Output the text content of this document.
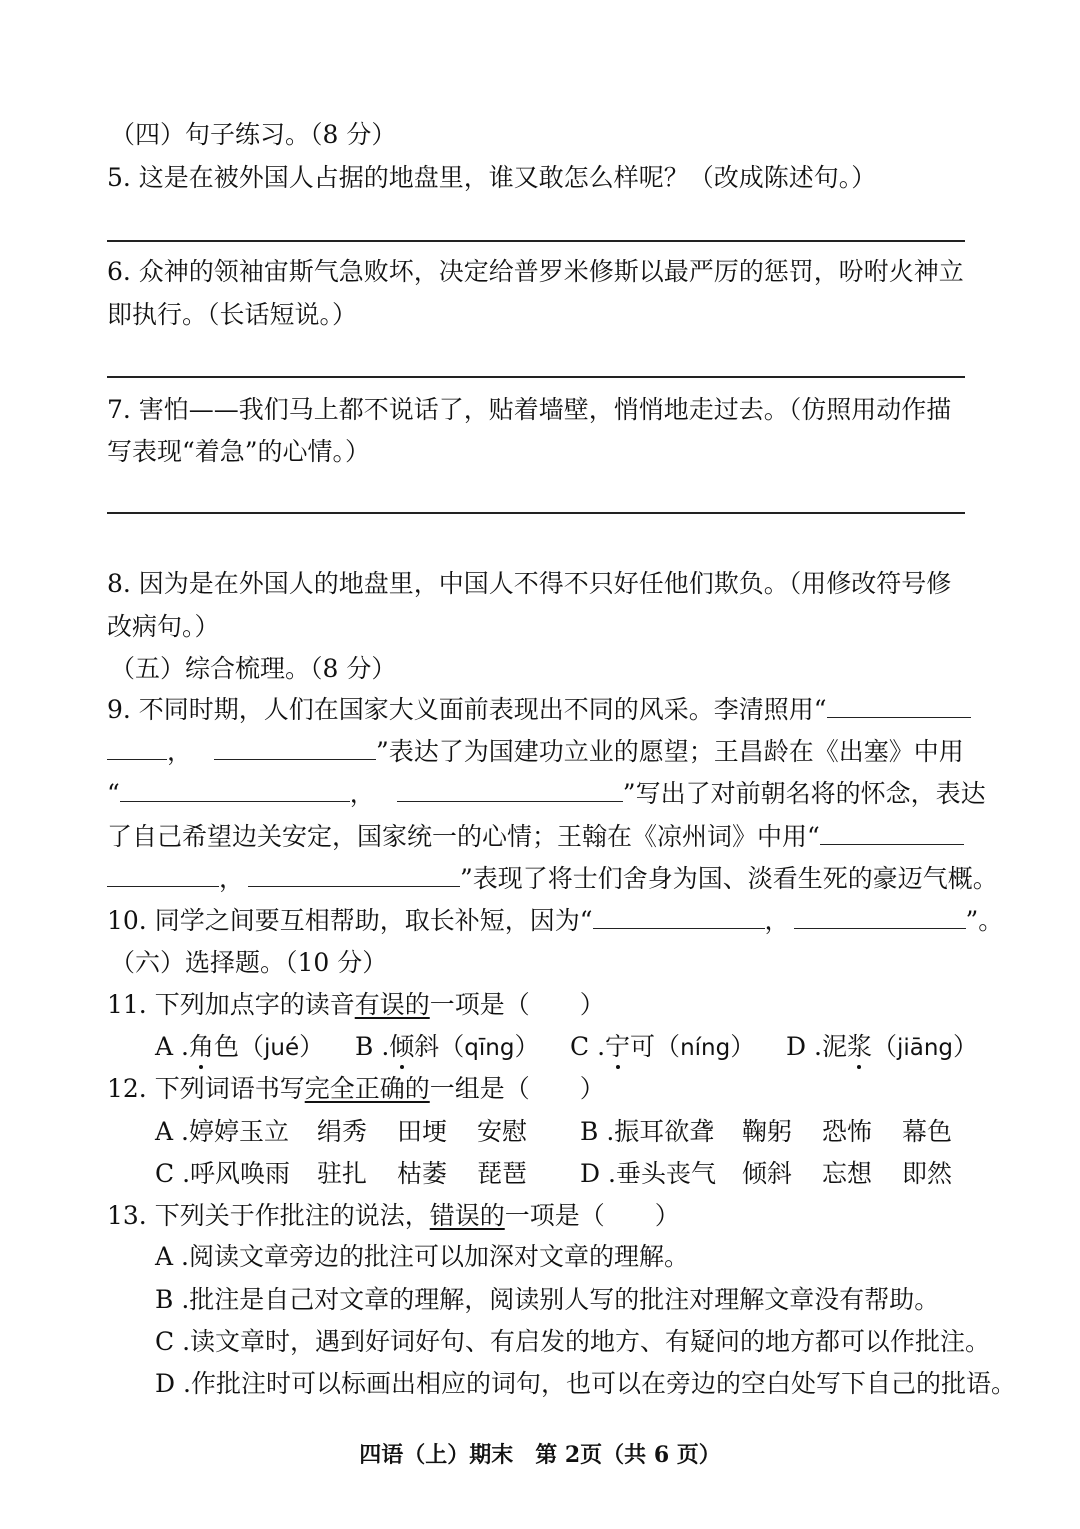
（四）句子练习。（8 分）
5. 这是在被外国人占据的地盘里，谁又敢怎么样呢？（改成陈述句。）
6. 众神的领袖宙斯气急败坏，决定给普罗米修斯以最严厉的惩罚，吩咐火神立
即执行。（长话短说。）
7. 害怕——我们马上都不说话了，贴着墙壁，悄悄地走过去。（仿照用动作描
写表现“着急”的心情。）
8. 因为是在外国人的地盘里，中国人不得不只好任他们欺负。（用修改符号修
改病句。）
（五）综合梳理。（8 分）
9. 不同时期，人们在国家大义面前表现出不同的风采。李清照用“
，	”表达了为国建功立业的愿望；王昌龄在《出塞》中用
“	，	”写出了对前朝名将的怀念，表达
了自己希望边关安定，国家统一的心情；王翰在《凉州词》中用“
，	”表现了将士们舍身为国、淡看生死的豪迈气概。
10. 同学之间要互相帮助，取长补短，因为“	，	”。
（六）选择题。（10 分）
11. 下列加点字的读音有误的一项是（　　）
A .角色（jué） B .倾斜（qīng） C .宁可（níng） D .泥浆（jiāng）
12. 下列词语书写完全正确的一组是（　　）
A .婷婷玉立 绢秀 田埂 安慰 B .振耳欲聋 鞠躬 恐怖 幕色
C .呼风唤雨 驻扎 枯萎 琵琶 D .垂头丧气 倾斜 忘想 即然
13. 下列关于作批注的说法，错误的一项是（　　）
A .阅读文章旁边的批注可以加深对文章的理解。
B .批注是自己对文章的理解，阅读别人写的批注对理解文章没有帮助。
C .读文章时，遇到好词好句、有启发的地方、有疑问的地方都可以作批注。
D .作批注时可以标画出相应的词句，也可以在旁边的空白处写下自己的批语。
四语（上）期末　第 2页（共 6 页）
